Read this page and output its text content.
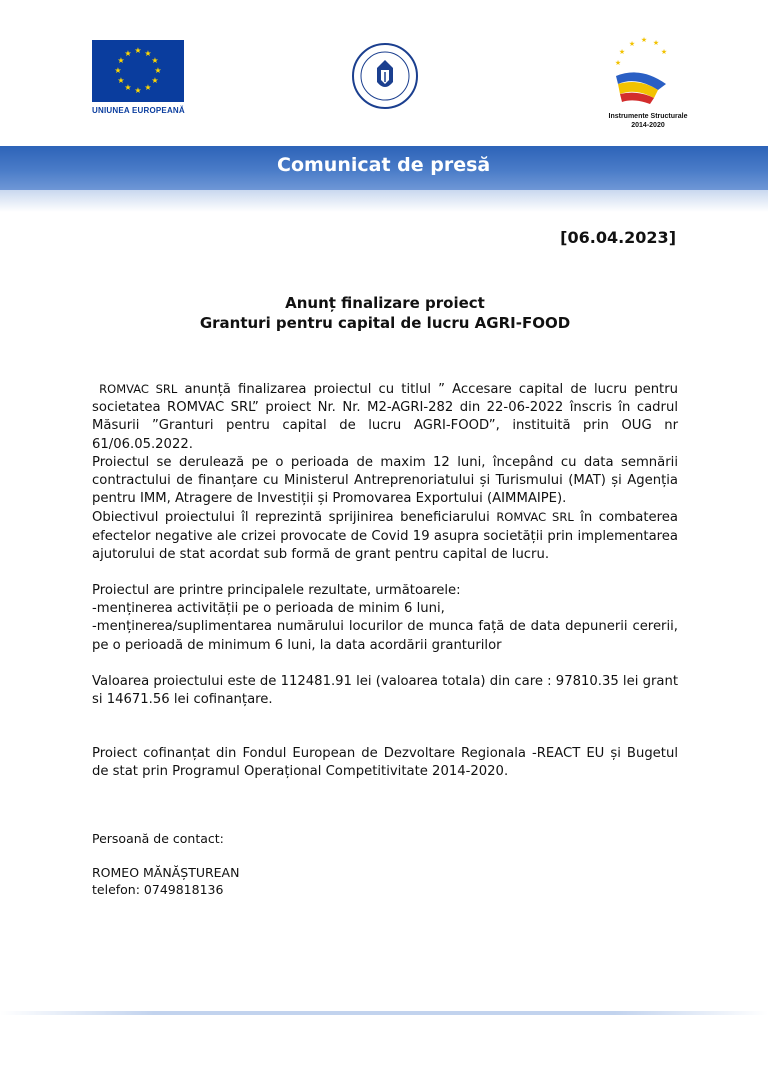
★ ★
★
★
★
★
★
★
★
★
★
★
UNIUNEA EUROPEANĂ
★ ★ ★
★
★
★
Instrumente Structurale
2014-2020
Comunicat de presă
[06.04.2023]
Anunț finalizare proiect
Granturi pentru capital de lucru AGRI-FOOD

ROMVAC SRL anunță finalizarea proiectul cu titlul ” Accesare capital de lucru pentru societatea ROMVAC SRL” proiect Nr. Nr. M2-AGRI-282 din 22-06-2022 înscris în cadrul Măsurii ”Granturi pentru capital de lucru AGRI-FOOD”, instituită prin OUG nr 61/06.05.2022.

Proiectul se derulează pe o perioada de maxim 12 luni, începând cu data semnării contractului de finanțare cu Ministerul Antreprenoriatului și Turismului (MAT) și Agenția pentru IMM, Atragere de Investiții și Promovarea Exportului (AIMMAIPE).

Obiectivul proiectului îl reprezintă sprijinirea beneficiarului ROMVAC SRL în combaterea efectelor negative ale crizei provocate de Covid 19 asupra societății prin implementarea ajutorului de stat acordat sub formă de grant pentru capital de lucru.

Proiectul are printre principalele rezultate, următoarele:

-menținerea activității pe o perioada de minim 6 luni,

-menținerea/suplimentarea numărului locurilor de munca față de data depunerii cererii, pe o perioadă de minimum 6 luni, la data acordării granturilor

Valoarea proiectului este de 112481.91 lei (valoarea totala) din care : 97810.35 lei grant si 14671.56 lei cofinanțare.

Proiect cofinanțat din Fondul European de Dezvoltare Regionala -REACT EU și Bugetul de stat prin Programul Operațional Competitivitate 2014-2020.

Persoană de contact:
ROMEO MĂNĂȘTUREAN
telefon: 0749818136
